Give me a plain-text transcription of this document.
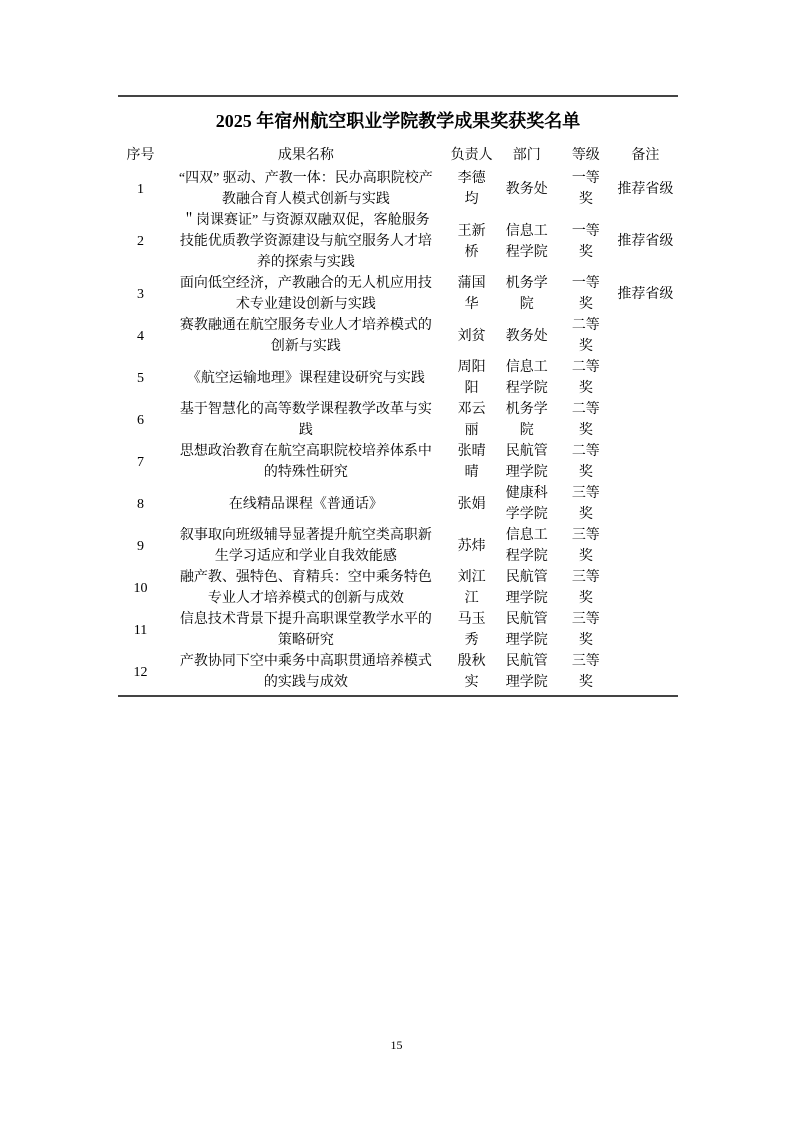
2025 年宿州航空职业学院教学成果奖获奖名单
序号	成果名称	负责人	部门	等级	备注
1	“四双” 驱动、产教一体：民办高职院校产教融合育人模式创新与实践	李德均	教务处	一等奖	推荐省级
2	＂岗课赛证” 与资源双融双促，客舱服务技能优质教学资源建设与航空服务人才培养的探索与实践	王新桥	信息工程学院	一等奖	推荐省级
3	面向低空经济，产教融合的无人机应用技术专业建设创新与实践	蒲国华	机务学院	一等奖	推荐省级
4	赛教融通在航空服务专业人才培养模式的创新与实践	刘贫	教务处	二等奖	
5	《航空运输地理》课程建设研究与实践	周阳阳	信息工程学院	二等奖	
6	基于智慧化的高等数学课程教学改革与实践	邓云丽	机务学院	二等奖	
7	思想政治教育在航空高职院校培养体系中的特殊性研究	张晴晴	民航管理学院	二等奖	
8	在线精品课程《普通话》	张娟	健康科学学院	三等奖	
9	叙事取向班级辅导显著提升航空类高职新生学习适应和学业自我效能感	苏炜	信息工程学院	三等奖	
10	融产教、强特色、育精兵：空中乘务特色专业人才培养模式的创新与成效	刘江江	民航管理学院	三等奖	
11	信息技术背景下提升高职课堂教学水平的策略研究	马玉秀	民航管理学院	三等奖	
12	产教协同下空中乘务中高职贯通培养模式的实践与成效	殷秋实	民航管理学院	三等奖	
15
